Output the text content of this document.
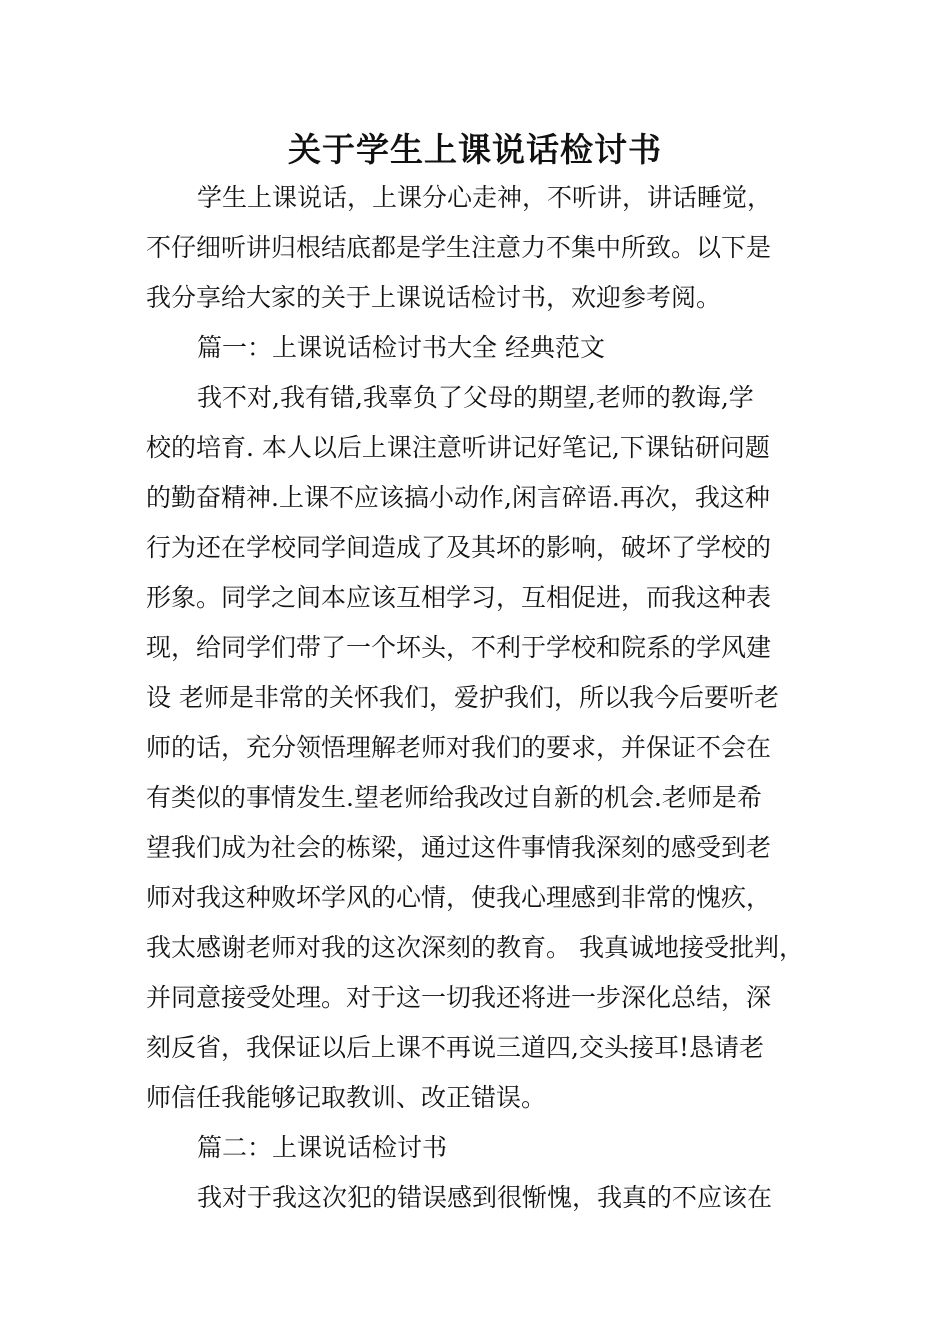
关于学生上课说话检讨书
学生上课说话，上课分心走神，不听讲，讲话睡觉，
不仔细听讲归根结底都是学生注意力不集中所致。以下是
我分享给大家的关于上课说话检讨书，欢迎参考阅。
篇一：上课说话检讨书大全 经典范文
我不对,我有错,我辜负了父母的期望,老师的教诲,学
校的培育. 本人以后上课注意听讲记好笔记,下课钻研问题
的勤奋精神.上课不应该搞小动作,闲言碎语.再次，我这种
行为还在学校同学间造成了及其坏的影响，破坏了学校的
形象。同学之间本应该互相学习，互相促进，而我这种表
现，给同学们带了一个坏头，不利于学校和院系的学风建
设 老师是非常的关怀我们，爱护我们，所以我今后要听老
师的话，充分领悟理解老师对我们的要求，并保证不会在
有类似的事情发生.望老师给我改过自新的机会.老师是希
望我们成为社会的栋梁，通过这件事情我深刻的感受到老
师对我这种败坏学风的心情，使我心理感到非常的愧疚，
我太感谢老师对我的这次深刻的教育。 我真诚地接受批判，
并同意接受处理。对于这一切我还将进一步深化总结，深
刻反省，我保证以后上课不再说三道四,交头接耳!恳请老
师信任我能够记取教训、改正错误。
篇二：上课说话检讨书
我对于我这次犯的错误感到很惭愧，我真的不应该在
